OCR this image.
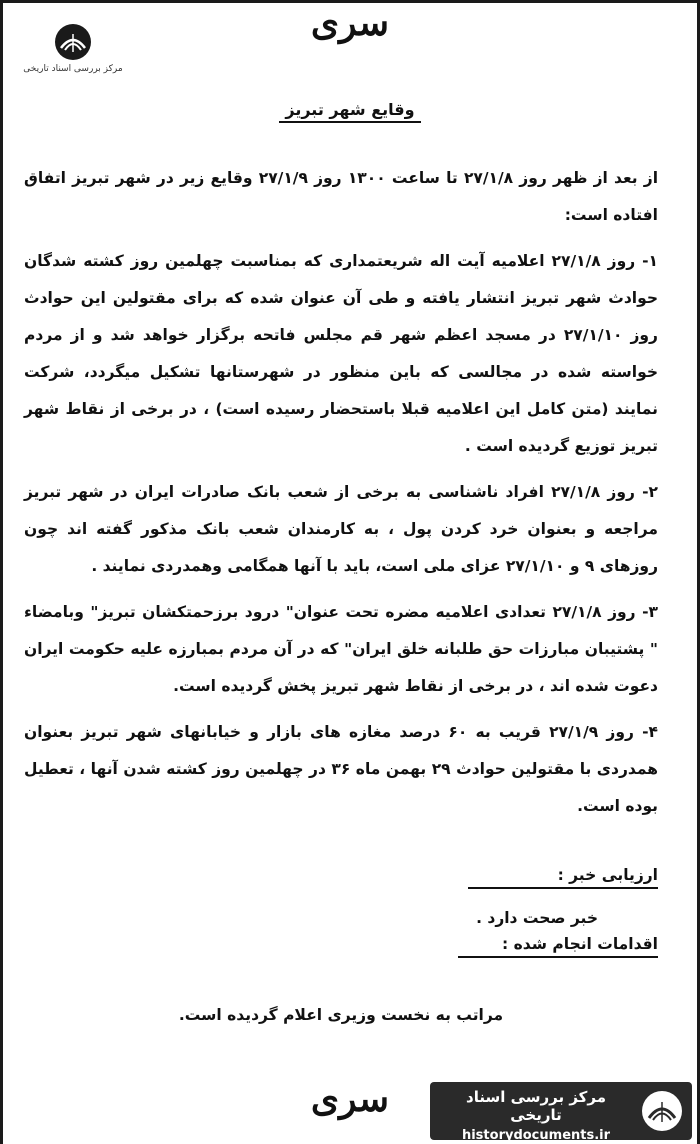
سری
مرکز بررسی اسناد تاریخی
وقایع شهر تبریز

از بعد از ظهر روز ۲۷/۱/۸ تا ساعت ۱۳۰۰ روز ۲۷/۱/۹ وقایع زیر در شهر تبریز اتفاق افتاده است:

۱- روز ۲۷/۱/۸ اعلامیه آیت اله شریعتمداری که بمناسبت چهلمین روز کشته شدگان حوادث شهر تبریز انتشار یافته و طی آن عنوان شده که برای مقتولین این حوادث روز ۲۷/۱/۱۰ در مسجد اعظم شهر قم مجلس فاتحه برگزار خواهد شد و از مردم خواسته شده در مجالسی که باین منظور در شهرستانها تشکیل میگردد، شرکت نمایند (متن کامل این اعلامیه قبلا باستحضار رسیده است) ، در برخی از نقاط شهر تبریز توزیع گردیده است .

۲- روز ۲۷/۱/۸ افراد ناشناسی به برخی از شعب بانک صادرات ایران در شهر تبریز مراجعه و بعنوان خرد کردن پول ، به کارمندان شعب بانک مذکور گفته اند چون روزهای ۹ و ۲۷/۱/۱۰ عزای ملی است، باید با آنها همگامی وهمدردی نمایند .

۳- روز ۲۷/۱/۸ تعدادی اعلامیه مضره تحت عنوان" درود برزحمتکشان تبریز" وبامضاء " پشتیبان مبارزات حق طلبانه خلق ایران" که در آن مردم بمبارزه علیه حکومت ایران دعوت شده اند ، در برخی از نقاط شهر تبریز پخش گردیده است.

۴- روز ۲۷/۱/۹ قریب به ۶۰ درصد مغازه های بازار و خیابانهای شهر تبریز بعنوان همدردی با مقتولین حوادث ۲۹ بهمن ماه ۳۶ در چهلمین روز کشته شدن آنها ، تعطیل بوده است.

ارزیابی خبر :
خبر صحت دارد .
اقدامات انجام شده :
مراتب به نخست وزیری اعلام گردیده است.
سری	مرکز بررسی اسناد تاریخی
historydocuments.ir
